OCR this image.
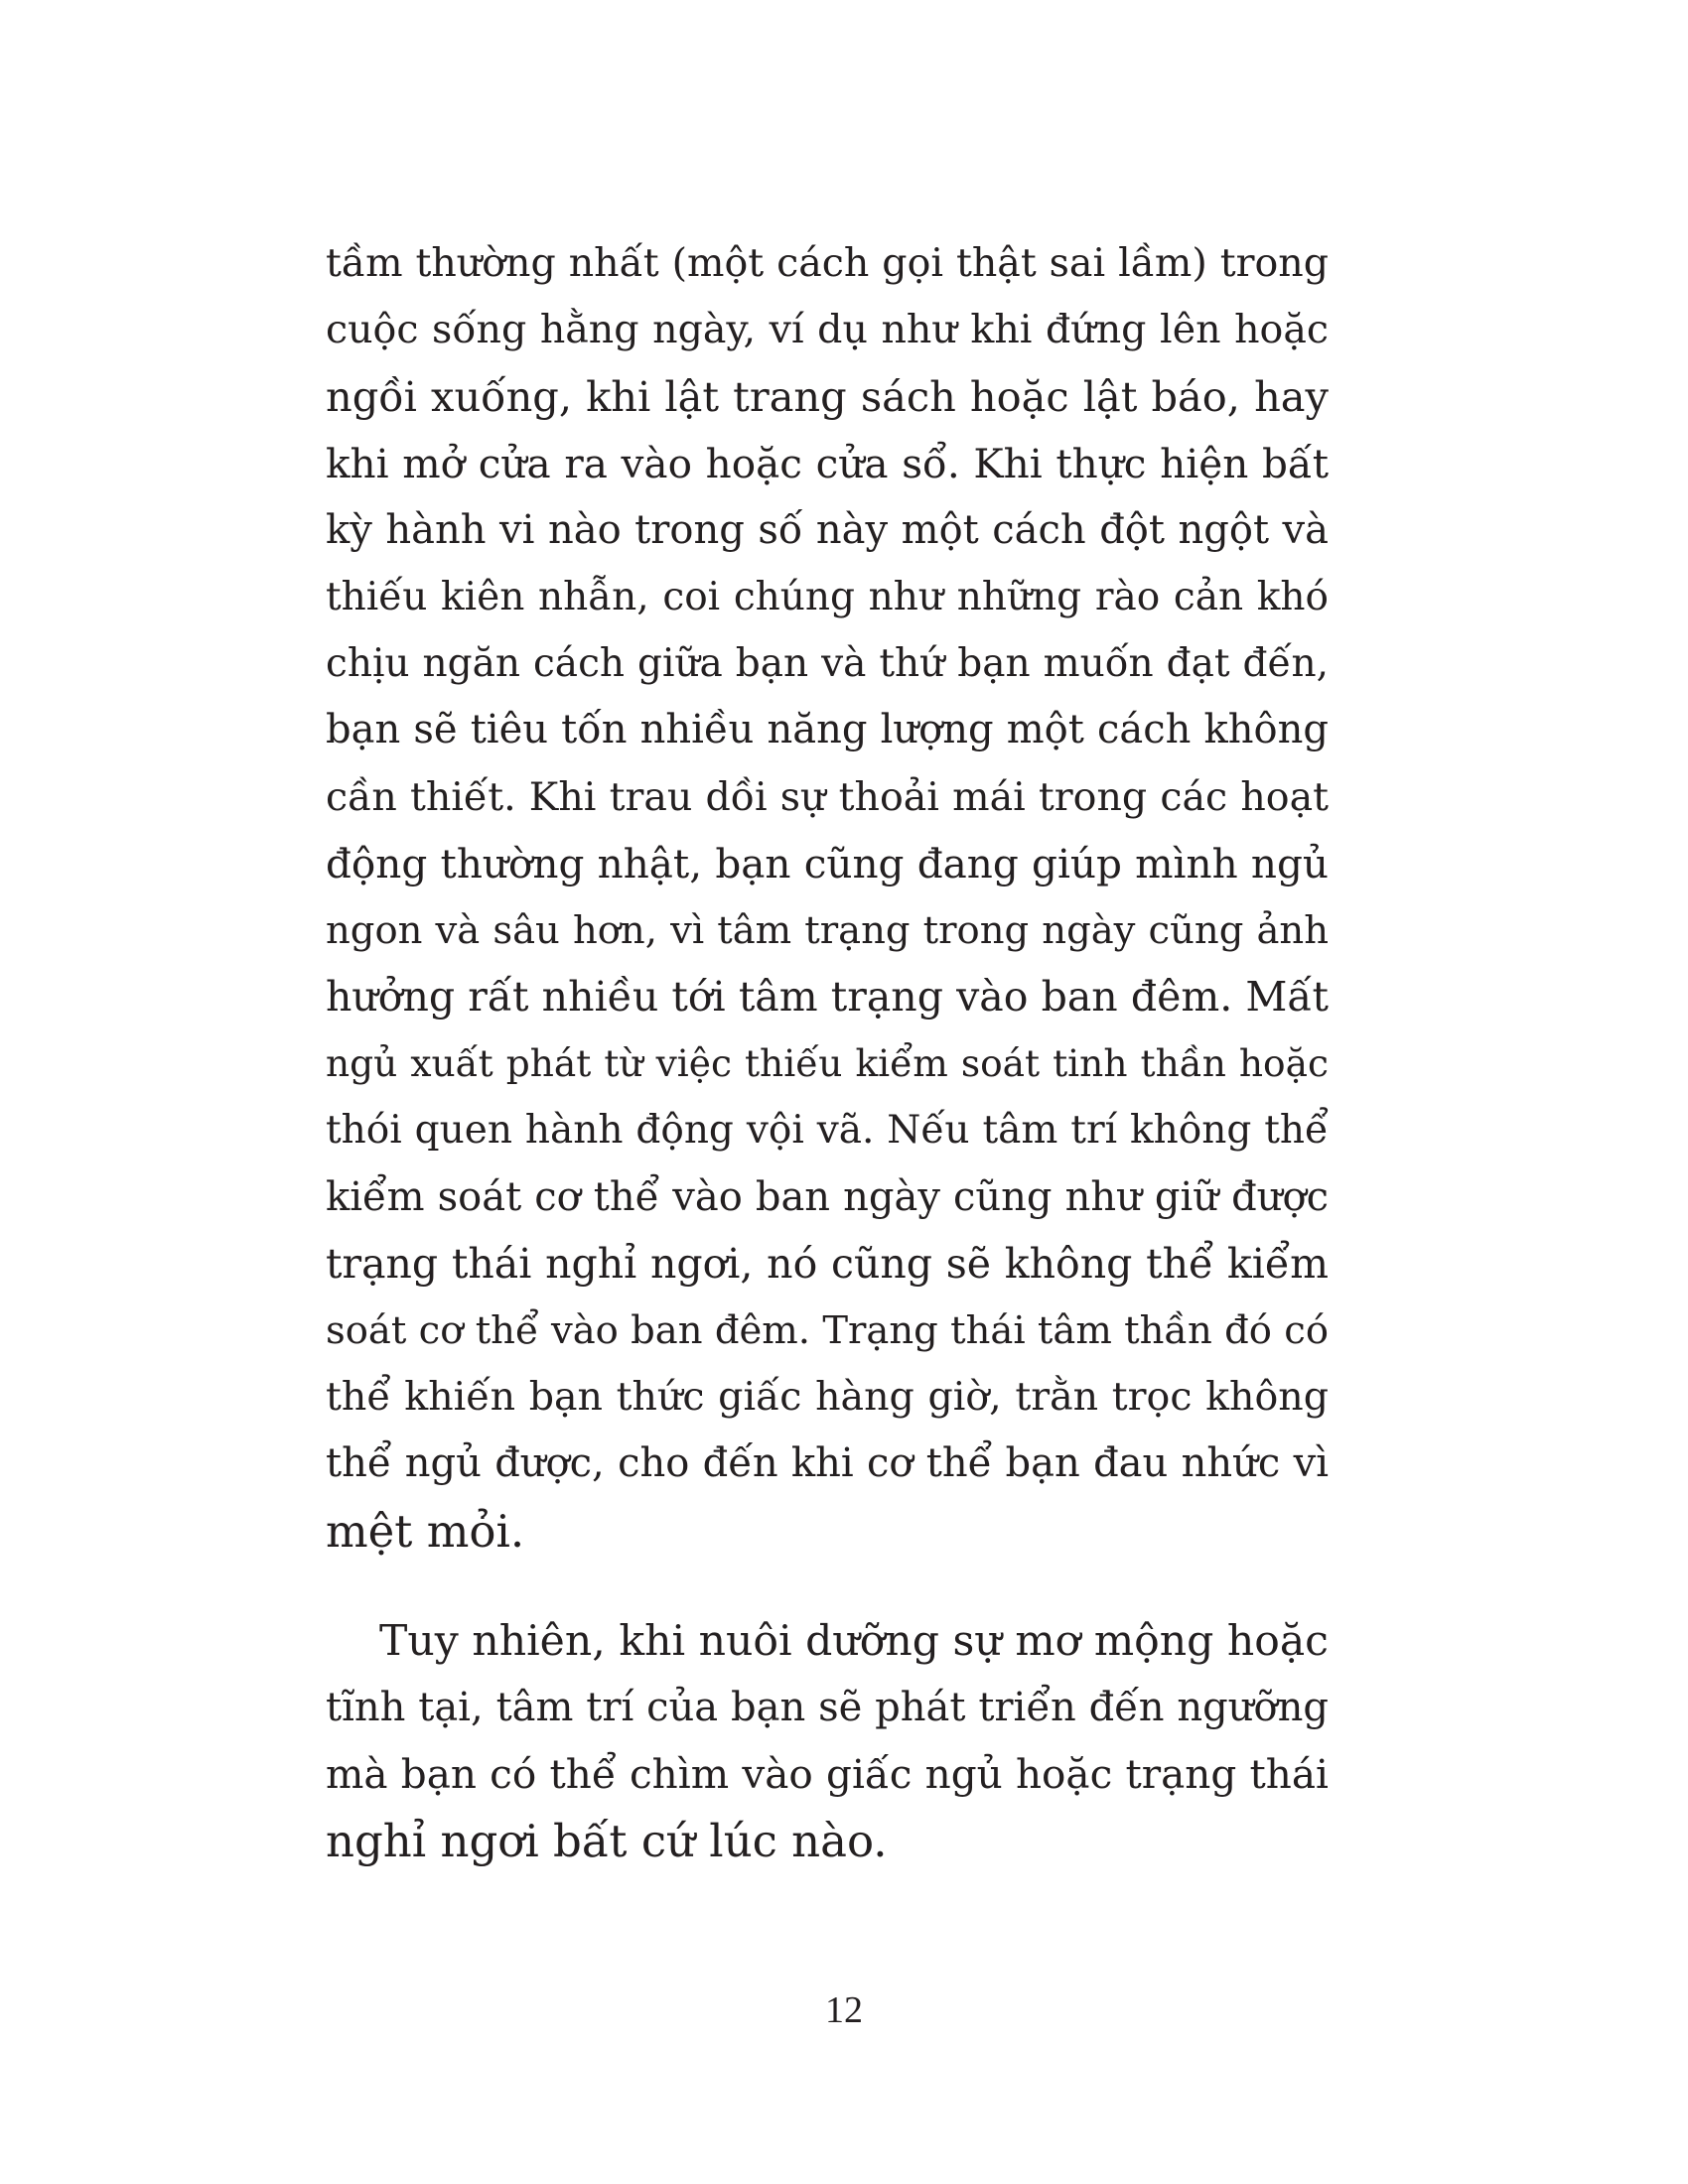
tầm thường nhất (một cách gọi thật sai lầm) trong
cuộc sống hằng ngày, ví dụ như khi đứng lên hoặc
ngồi xuống, khi lật trang sách hoặc lật báo, hay
khi mở cửa ra vào hoặc cửa sổ. Khi thực hiện bất
kỳ hành vi nào trong số này một cách đột ngột và
thiếu kiên nhẫn, coi chúng như những rào cản khó
chịu ngăn cách giữa bạn và thứ bạn muốn đạt đến,
bạn sẽ tiêu tốn nhiều năng lượng một cách không
cần thiết. Khi trau dồi sự thoải mái trong các hoạt
động thường nhật, bạn cũng đang giúp mình ngủ
ngon và sâu hơn, vì tâm trạng trong ngày cũng ảnh
hưởng rất nhiều tới tâm trạng vào ban đêm. Mất
ngủ xuất phát từ việc thiếu kiểm soát tinh thần hoặc
thói quen hành động vội vã. Nếu tâm trí không thể
kiểm soát cơ thể vào ban ngày cũng như giữ được
trạng thái nghỉ ngơi, nó cũng sẽ không thể kiểm
soát cơ thể vào ban đêm. Trạng thái tâm thần đó có
thể khiến bạn thức giấc hàng giờ, trằn trọc không
thể ngủ được, cho đến khi cơ thể bạn đau nhức vì
mệt mỏi.
Tuy nhiên, khi nuôi dưỡng sự mơ mộng hoặc
tĩnh tại, tâm trí của bạn sẽ phát triển đến ngưỡng
mà bạn có thể chìm vào giấc ngủ hoặc trạng thái
nghỉ ngơi bất cứ lúc nào.
12
